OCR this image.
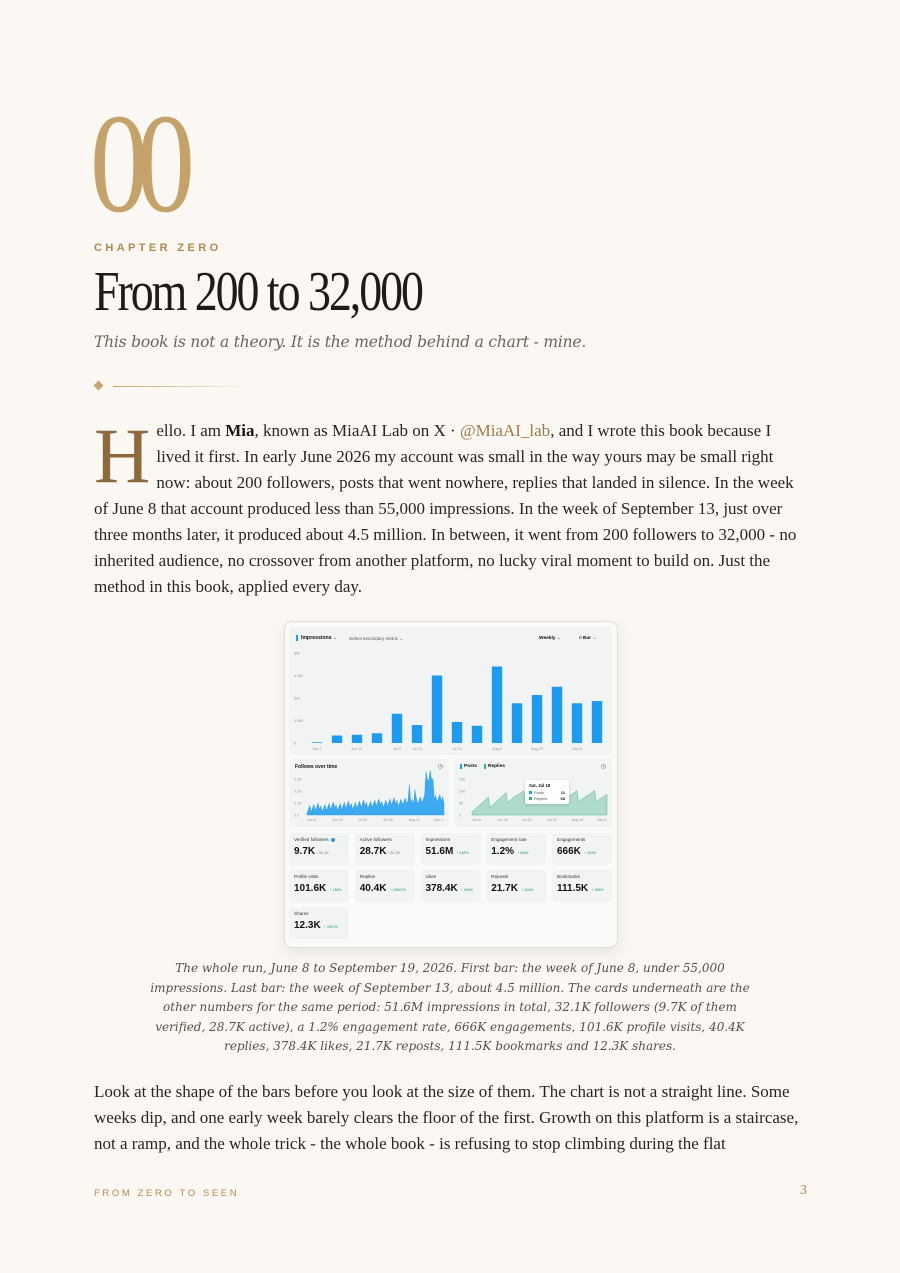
00
CHAPTER ZERO
From 200 to 32,000
This book is not a theory. It is the method behind a chart - mine.
Hello. I am Mia, known as MiaAI Lab on X · @MiaAI_lab, and I wrote this book because I lived it first. In early June 2026 my account was small in the way yours may be small right now: about 200 followers, posts that went nowhere, replies that landed in silence. In the week of June 8 that account produced less than 55,000 impressions. In the week of September 13, just over three months later, it produced about 4.5 million. In between, it went from 200 followers to 32,000 - no inherited audience, no crossover from another platform, no lucky viral moment to build on. Just the method in this book, applied every day.
Impressions ⌄	Select secondary metric ⌄	Weekly ⌄	ıl Bar ⌄
6M
4.5M
3M
1.5M
0
Jun 7	Jun 21	Jul 5	Jul 12	Jul 31	Aug 9	Aug 23	Sep 6
Follows over time	◷
0.3K
0.2K
0.1K
0.0
Jun 8	Jun 23	Jul 10	Jul 26	Aug 14	Sep 1
Posts	Replies	◷
150
100
50
0
Jun 8	Jun 26	Jul 13	Jul 30	Aug 18	Sep 5
Sat, Jul 18
Posts	11
Replies	68
Verified followers
9.7K / 32.1K
Active followers
28.7K / 32.1K
Impressions
51.6M ↑ 1M%
Engagement rate
1.2% ↑ 58%
Engagements
666K ↑ 1M%
Profile visits
101.6K ↑ 1M%
Replies
40.4K ↑ 336K%
Likes
378.4K ↑ 2M%
Reposts
21.7K ↑ 1M%
Bookmarks
111.5K ↑ 3M%
Shares
12.3K ↑ 10K%
The whole run, June 8 to September 19, 2026. First bar: the week of June 8, under 55,000 impressions. Last bar: the week of September 13, about 4.5 million. The cards underneath are the other numbers for the same period: 51.6M impressions in total, 32.1K followers (9.7K of them verified, 28.7K active), a 1.2% engagement rate, 666K engagements, 101.6K profile visits, 40.4K replies, 378.4K likes, 21.7K reposts, 111.5K bookmarks and 12.3K shares.
Look at the shape of the bars before you look at the size of them. The chart is not a straight line. Some weeks dip, and one early week barely clears the floor of the first. Growth on this platform is a staircase, not a ramp, and the whole trick - the whole book - is refusing to stop climbing during the flat
FROM ZERO TO SEEN	3
